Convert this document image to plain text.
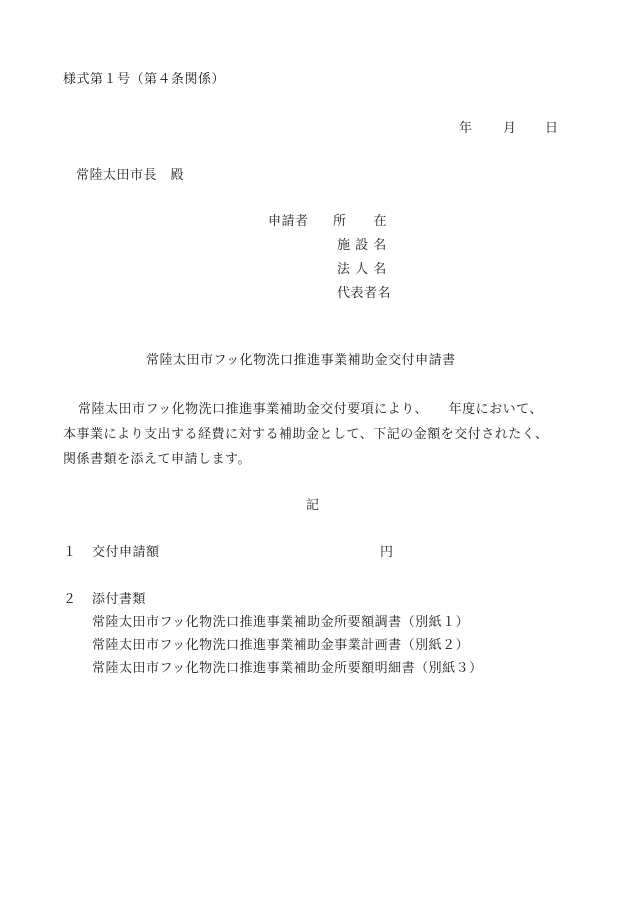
様式第１号（第４条関係）
年 月 日
常陸太田市長　殿
申請者 所　　在
施 設 名
法 人 名
代表者名
常陸太田市フッ化物洗口推進事業補助金交付申請書
常陸太田市フッ化物洗口推進事業補助金交付要項により、　　年度において、
本事業により支出する経費に対する補助金として、下記の金額を交付されたく、
関係書類を添えて申請します。
記
１ 交付申請額	円
２ 添付書類
常陸太田市フッ化物洗口推進事業補助金所要額調書（別紙１）
常陸太田市フッ化物洗口推進事業補助金事業計画書（別紙２）
常陸太田市フッ化物洗口推進事業補助金所要額明細書（別紙３）
